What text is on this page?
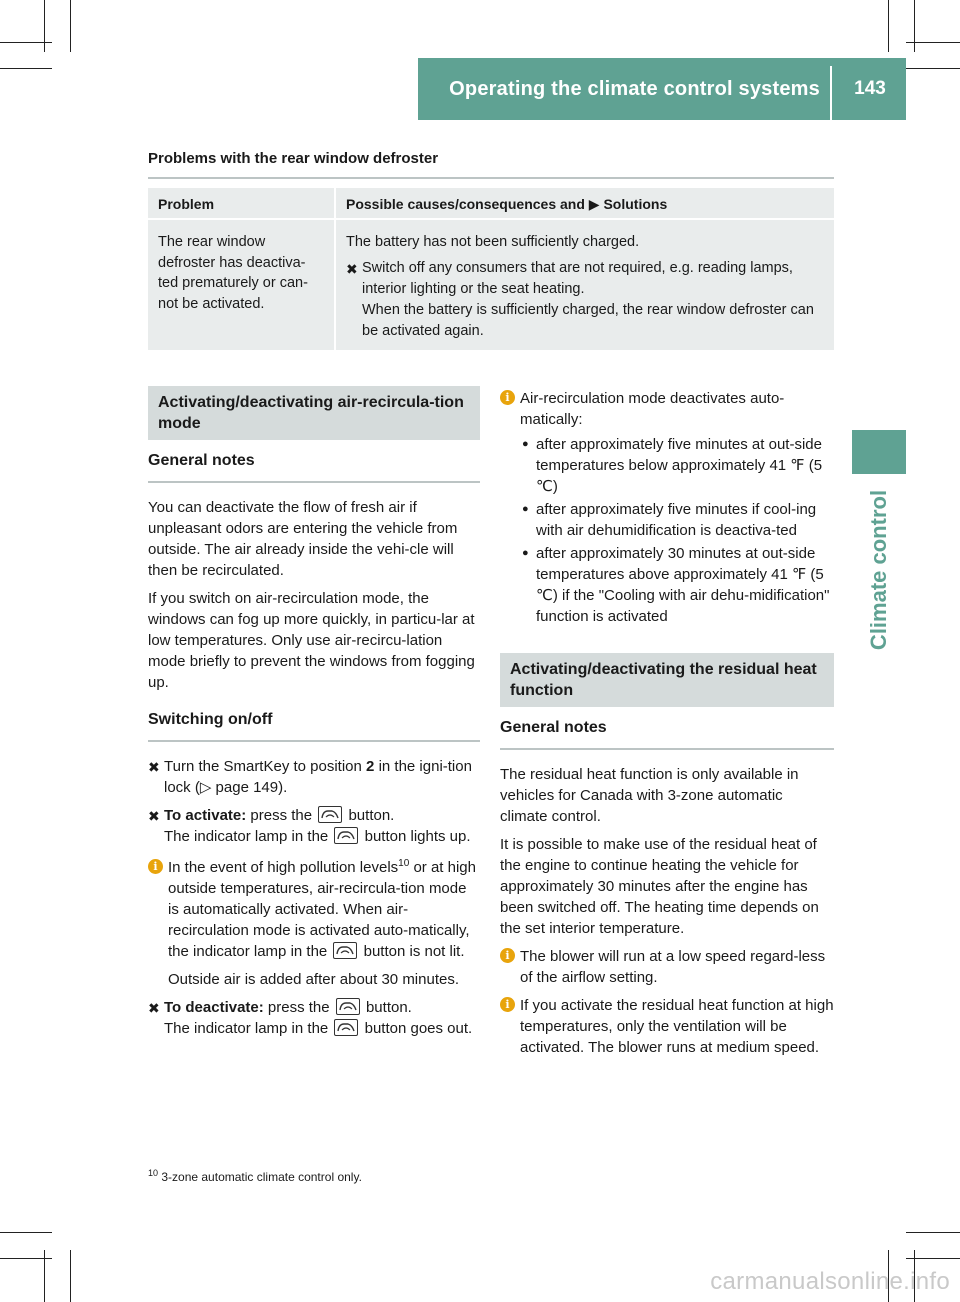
Operating the climate control systems	143
Climate control
Problems with the rear window defroster
Problem	Possible causes/consequences and ▶ Solutions
The rear window defroster has deactiva-ted prematurely or can-not be activated.

The battery has not been sufficiently charged.

✖ Switch off any consumers that are not required, e.g. reading lamps, interior lighting or the seat heating.
When the battery is sufficiently charged, the rear window defroster can be activated again.
Activating/deactivating air-recircula-tion mode
General notes

You can deactivate the flow of fresh air if unpleasant odors are entering the vehicle from outside. The air already inside the vehi-cle will then be recirculated.

If you switch on air-recirculation mode, the windows can fog up more quickly, in particu-lar at low temperatures. Only use air-recircu-lation mode briefly to prevent the windows from fogging up.

Switching on/off
✖ Turn the SmartKey to position 2 in the igni-tion lock (▷ page 149).
✖ To activate: press the button.
The indicator lamp in the button lights up.
i In the event of high pollution levels$^{10}$ or at high outside temperatures, air-recircula-tion mode is automatically activated. When air-recirculation mode is activated auto-matically, the indicator lamp in the button is not lit.

Outside air is added after about 30 minutes.

✖ To deactivate: press the button.
The indicator lamp in the button goes out.
i Air-recirculation mode deactivates auto-matically:
● after approximately five minutes at out-side temperatures below approximately 41 ℉ (5 ℃)
● after approximately five minutes if cool-ing with air dehumidification is deactiva-ted
● after approximately 30 minutes at out-side temperatures above approximately 41 ℉ (5 ℃) if the "Cooling with air dehu-midification" function is activated
Activating/deactivating the residual heat function
General notes

The residual heat function is only available in vehicles for Canada with 3-zone automatic climate control.

It is possible to make use of the residual heat of the engine to continue heating the vehicle for approximately 30 minutes after the engine has been switched off. The heating time depends on the set interior temperature.

i The blower will run at a low speed regard-less of the airflow setting.
i If you activate the residual heat function at high temperatures, only the ventilation will be activated. The blower runs at medium speed.
$^{10}$ 3-zone automatic climate control only.
carmanualsonline.info
